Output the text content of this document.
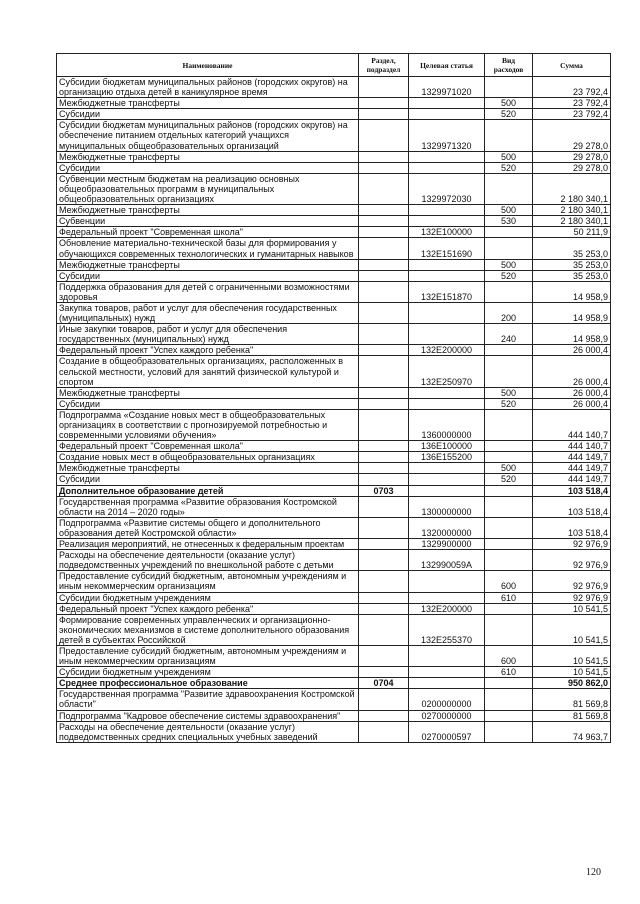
Наименование	Раздел, подраздел	Целевая статья	Вид расходов	Сумма
Субсидии бюджетам муниципальных районов (городских округов) на организацию отдыха детей в каникулярное время		1329971020		23 792,4
Межбюджетные трансферты			500	23 792,4
Субсидии			520	23 792,4
Субсидии бюджетам муниципальных районов (городских округов) на обеспечение питанием отдельных категорий учащихся муниципальных общеобразовательных организаций		1329971320		29 278,0
Межбюджетные трансферты			500	29 278,0
Субсидии			520	29 278,0
Субвенции местным бюджетам на реализацию основных общеобразовательных программ в муниципальных общеобразовательных организациях		1329972030		2 180 340,1
Межбюджетные трансферты			500	2 180 340,1
Субвенции			530	2 180 340,1
Федеральный проект "Современная школа"		132E100000		50 211,9
Обновление материально-технической базы для формирования у обучающихся современных технологических и гуманитарных навыков		132E151690		35 253,0
Межбюджетные трансферты			500	35 253,0
Субсидии			520	35 253,0
Поддержка образования для детей с ограниченными возможностями здоровья		132E151870		14 958,9
Закупка товаров, работ и услуг для обеспечения государственных (муниципальных) нужд			200	14 958,9
Иные закупки товаров, работ и услуг для обеспечения государственных (муниципальных) нужд			240	14 958,9
Федеральный проект "Успех каждого ребенка"		132E200000		26 000,4
Создание в общеобразовательных организациях, расположенных в сельской местности, условий для занятий физической культурой и спортом		132E250970		26 000,4
Межбюджетные трансферты			500	26 000,4
Субсидии			520	26 000,4
Подпрограмма «Создание новых мест в общеобразовательных организациях в соответствии с прогнозируемой потребностью и современными условиями обучения»		1360000000		444 140,7
Федеральный проект "Современная школа"		136E100000		444 140,7
Создание новых мест в общеобразовательных организациях		136E155200		444 149,7
Межбюджетные трансферты			500	444 149,7
Субсидии			520	444 149,7
Дополнительное образование детей	0703			103 518,4
Государственная программа «Развитие образования Костромской области на 2014 – 2020 годы»		1300000000		103 518,4
Подпрограмма «Развитие системы общего и дополнительного образования детей Костромской области»		1320000000		103 518,4
Реализация мероприятий, не отнесенных к федеральным проектам		1329900000		92 976,9
Расходы на обеспечение деятельности (оказание услуг) подведомственных учреждений по внешкольной работе с детьми		132990059А		92 976,9
Предоставление субсидий бюджетным, автономным учреждениям и иным некоммерческим организациям			600	92 976,9
Субсидии бюджетным учреждениям			610	92 976,9
Федеральный проект "Успех каждого ребенка"		132E200000		10 541,5
Формирование современных управленческих и организационно-экономических механизмов в системе дополнительного образования детей в субъектах Российской		132E255370		10 541,5
Предоставление субсидий бюджетным, автономным учреждениям и иным некоммерческим организациям			600	10 541,5
Субсидии бюджетным учреждениям			610	10 541,5
Среднее профессиональное образование	0704			950 862,0
Государственная программа "Развитие здравоохранения Костромской области"		0200000000		81 569,8
Подпрограмма "Кадровое обеспечение системы здравоохранения"		0270000000		81 569,8
Расходы на обеспечение деятельности (оказание услуг) подведомственных средних специальных учебных заведений		0270000597		74 963,7
120
